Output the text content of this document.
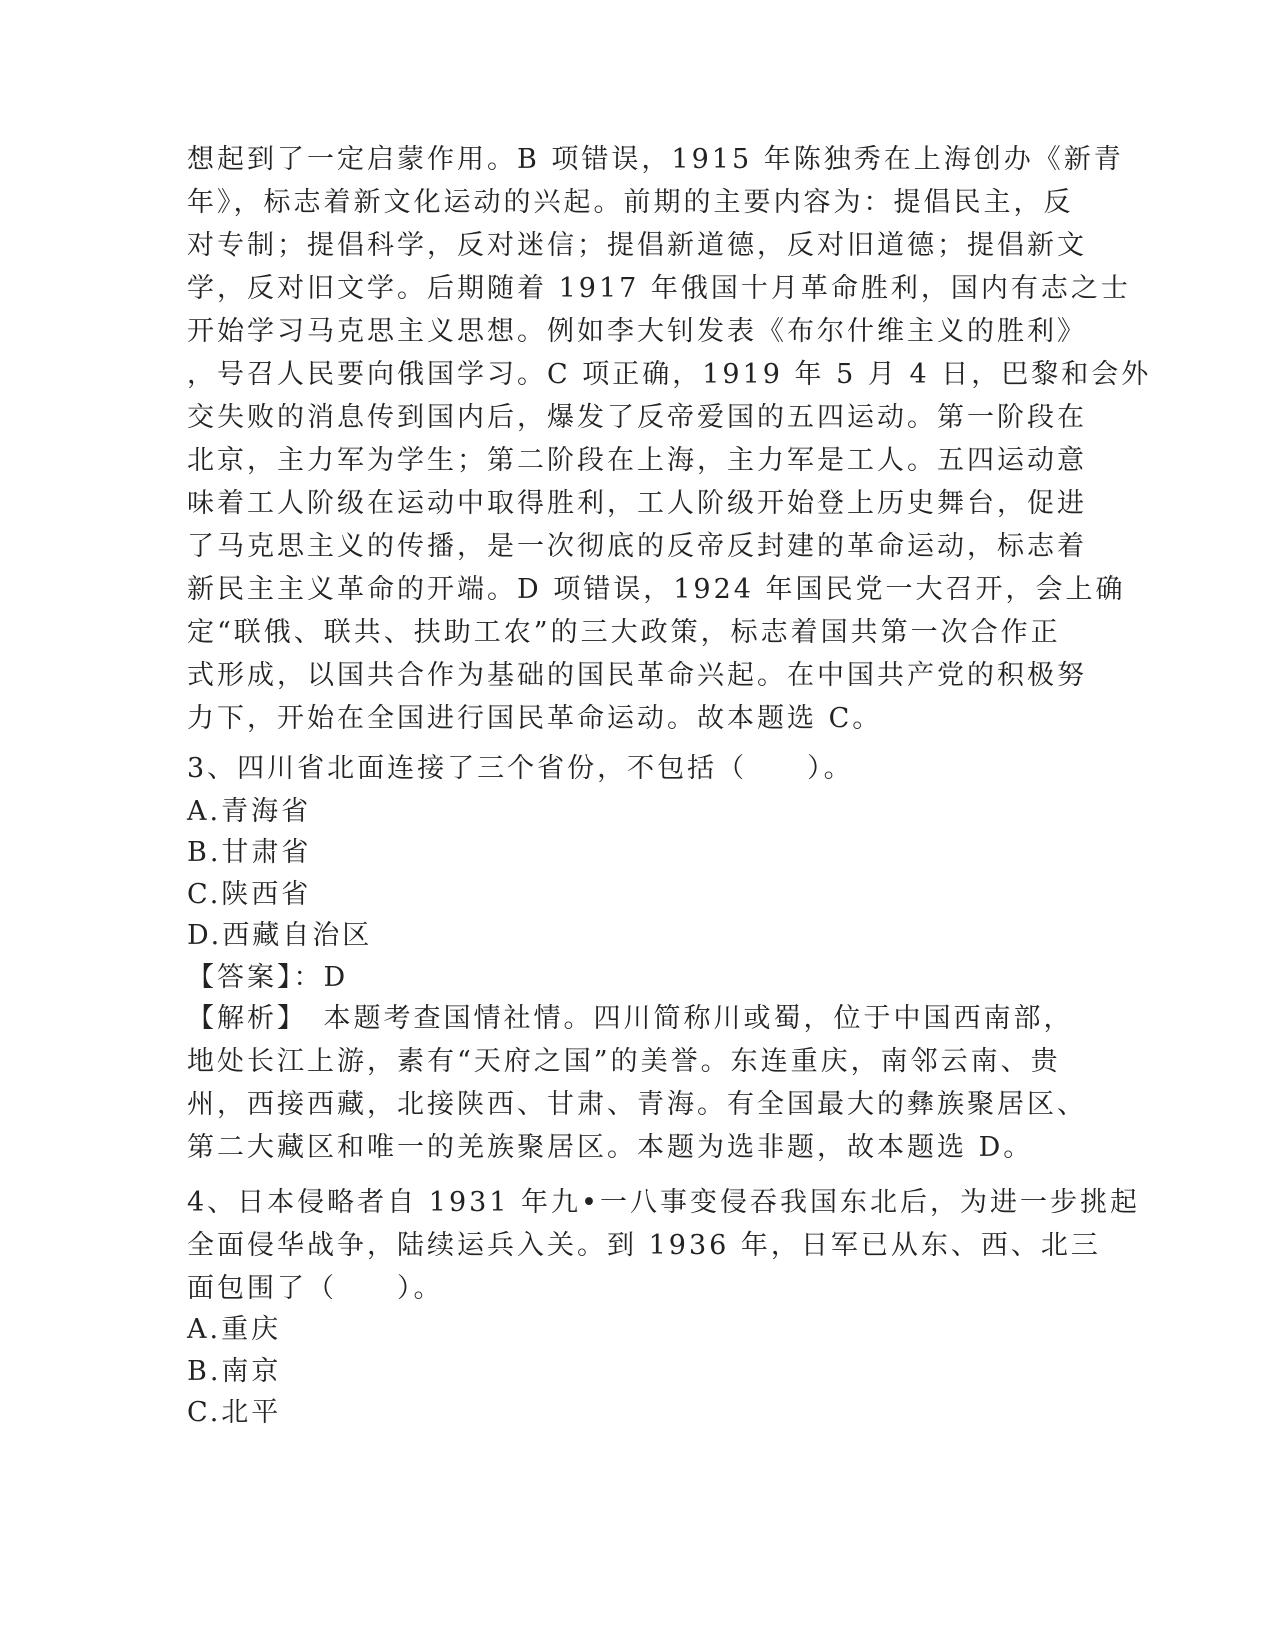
想起到了一定启蒙作用。B 项错误，1915 年陈独秀在上海创办《新青
年》，标志着新文化运动的兴起。前期的主要内容为：提倡民主，反
对专制；提倡科学，反对迷信；提倡新道德，反对旧道德；提倡新文
学，反对旧文学。后期随着 1917 年俄国十月革命胜利，国内有志之士
开始学习马克思主义思想。例如李大钊发表《布尔什维主义的胜利》
，号召人民要向俄国学习。C 项正确，1919 年 5 月 4 日，巴黎和会外
交失败的消息传到国内后，爆发了反帝爱国的五四运动。第一阶段在
北京，主力军为学生；第二阶段在上海，主力军是工人。五四运动意
味着工人阶级在运动中取得胜利，工人阶级开始登上历史舞台，促进
了马克思主义的传播，是一次彻底的反帝反封建的革命运动，标志着
新民主主义革命的开端。D 项错误，1924 年国民党一大召开，会上确
定“联俄、联共、扶助工农”的三大政策，标志着国共第一次合作正
式形成，以国共合作为基础的国民革命兴起。在中国共产党的积极努
力下，开始在全国进行国民革命运动。故本题选 C。
3、四川省北面连接了三个省份，不包括（　　）。
A.青海省
B.甘肃省
C.陕西省
D.西藏自治区
【答案】：D
【解析】　本题考查国情社情。四川简称川或蜀，位于中国西南部，
地处长江上游，素有“天府之国”的美誉。东连重庆，南邻云南、贵
州，西接西藏，北接陕西、甘肃、青海。有全国最大的彝族聚居区、
第二大藏区和唯一的羌族聚居区。本题为选非题，故本题选 D。
4、日本侵略者自 1931 年九•一八事变侵吞我国东北后，为进一步挑起
全面侵华战争，陆续运兵入关。到 1936 年，日军已从东、西、北三
面包围了（　　）。
A.重庆
B.南京
C.北平
